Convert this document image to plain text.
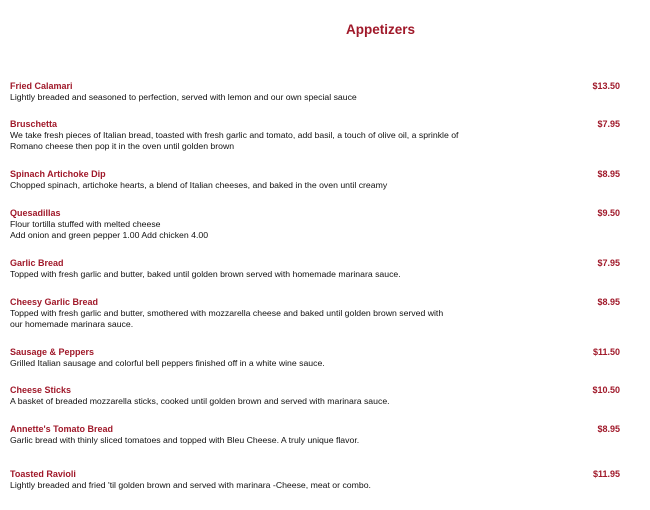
Appetizers
Fried Calamari	$13.50
Lightly breaded and seasoned to perfection, served with lemon and our own special sauce
Bruschetta	$7.95
We take fresh pieces of Italian bread, toasted with fresh garlic and tomato, add basil, a touch of olive oil, a sprinkle of
Romano cheese then pop it in the oven until golden brown
Spinach Artichoke Dip	$8.95
Chopped spinach, artichoke hearts, a blend of Italian cheeses, and baked in the oven until creamy
Quesadillas	$9.50
Flour tortilla stuffed with melted cheese
Add onion and green pepper 1.00 Add chicken 4.00
Garlic Bread	$7.95
Topped with fresh garlic and butter, baked until golden brown served with homemade marinara sauce.
Cheesy Garlic Bread	$8.95
Topped with fresh garlic and butter, smothered with mozzarella cheese and baked until golden brown served with
our homemade marinara sauce.
Sausage & Peppers	$11.50
Grilled Italian sausage and colorful bell peppers finished off in a white wine sauce.
Cheese Sticks	$10.50
A basket of breaded mozzarella sticks, cooked until golden brown and served with marinara sauce.
Annette's Tomato Bread	$8.95
Garlic bread with thinly sliced tomatoes and topped with Bleu Cheese. A truly unique flavor.
Toasted Ravioli	$11.95
Lightly breaded and fried 'til golden brown and served with marinara -Cheese, meat or combo.
